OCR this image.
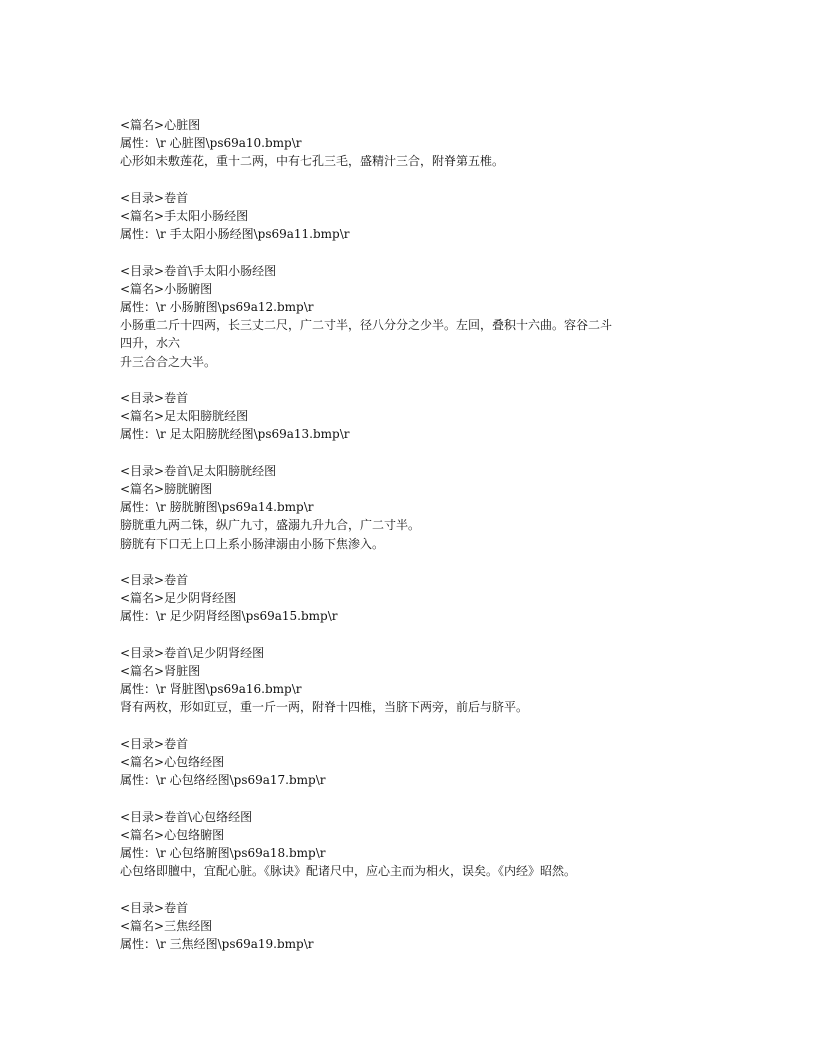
<篇名>心脏图
属性：\r 心脏图\ps69a10.bmp\r
心形如未敷莲花，重十二两，中有七孔三毛，盛精汁三合，附脊第五椎。
<目录>卷首
<篇名>手太阳小肠经图
属性：\r 手太阳小肠经图\ps69a11.bmp\r
<目录>卷首\手太阳小肠经图
<篇名>小肠腑图
属性：\r 小肠腑图\ps69a12.bmp\r
小肠重二斤十四两，长三丈二尺，广二寸半，径八分分之少半。左回，叠积十六曲。容谷二斗
四升，水六
升三合合之大半。
<目录>卷首
<篇名>足太阳膀胱经图
属性：\r 足太阳膀胱经图\ps69a13.bmp\r
<目录>卷首\足太阳膀胱经图
<篇名>膀胱腑图
属性：\r 膀胱腑图\ps69a14.bmp\r
膀胱重九两二铢，纵广九寸，盛溺九升九合，广二寸半。
膀胱有下口无上口上系小肠津溺由小肠下焦渗入。
<目录>卷首
<篇名>足少阴肾经图
属性：\r 足少阴肾经图\ps69a15.bmp\r
<目录>卷首\足少阴肾经图
<篇名>肾脏图
属性：\r 肾脏图\ps69a16.bmp\r
肾有两枚，形如豇豆，重一斤一两，附脊十四椎，当脐下两旁，前后与脐平。
<目录>卷首
<篇名>心包络经图
属性：\r 心包络经图\ps69a17.bmp\r
<目录>卷首\心包络经图
<篇名>心包络腑图
属性：\r 心包络腑图\ps69a18.bmp\r
心包络即膻中，宜配心脏。《脉诀》配诸尺中，应心主而为相火，误矣。《内经》昭然。
<目录>卷首
<篇名>三焦经图
属性：\r 三焦经图\ps69a19.bmp\r
